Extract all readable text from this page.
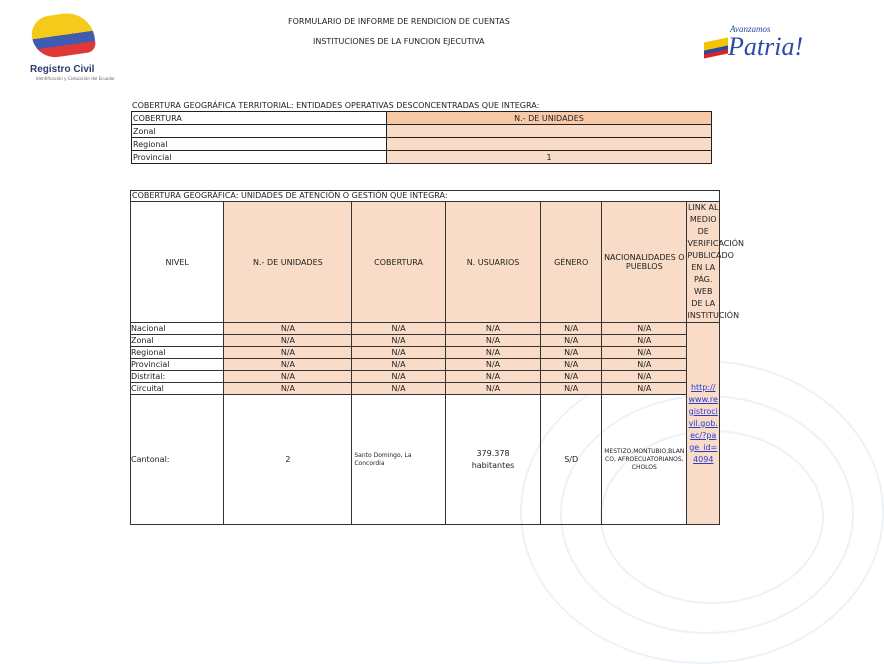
Registro Civil
Identificación y Cedulación del Ecuador
Avanzamos
Patria!
FORMULARIO DE INFORME DE RENDICION DE CUENTAS
INSTITUCIONES DE LA FUNCION EJECUTIVA
COBERTURA GEOGRÁFICA TERRITORIAL: ENTIDADES OPERATIVAS DESCONCENTRADAS QUE INTEGRA:
COBERTURA	N.- DE UNIDADES
Zonal	
Regional	
Provincial	1
COBERTURA GEOGRÁFICA: UNIDADES DE ATENCIÓN O GESTIÓN QUE INTEGRA:						
NIVEL	N.- DE UNIDADES	COBERTURA	N. USUARIOS	GÉNERO	NACIONALIDADES O PUEBLOS	LINK AL MEDIO DE VERIFICACIÓN PUBLICADO EN LA PÁG. WEB DE LA INSTITUCIÓN
Nacional	N/A	N/A	N/A	N/A	N/A	http://www.registrocivil.gob.ec/?page_id=4094
Zonal	N/A	N/A	N/A	N/A	N/A	
Regional	N/A	N/A	N/A	N/A	N/A	
Provincial	N/A	N/A	N/A	N/A	N/A	
Distrital:	N/A	N/A	N/A	N/A	N/A	
Circuital	N/A	N/A	N/A	N/A	N/A	
Cantonal:	2	Santo Domingo, La Concordia	379.378 habitantes	S/D	MESTIZO,MONTUBIO,BLANCO, AFROECUATORIANOS,CHOLOS	
